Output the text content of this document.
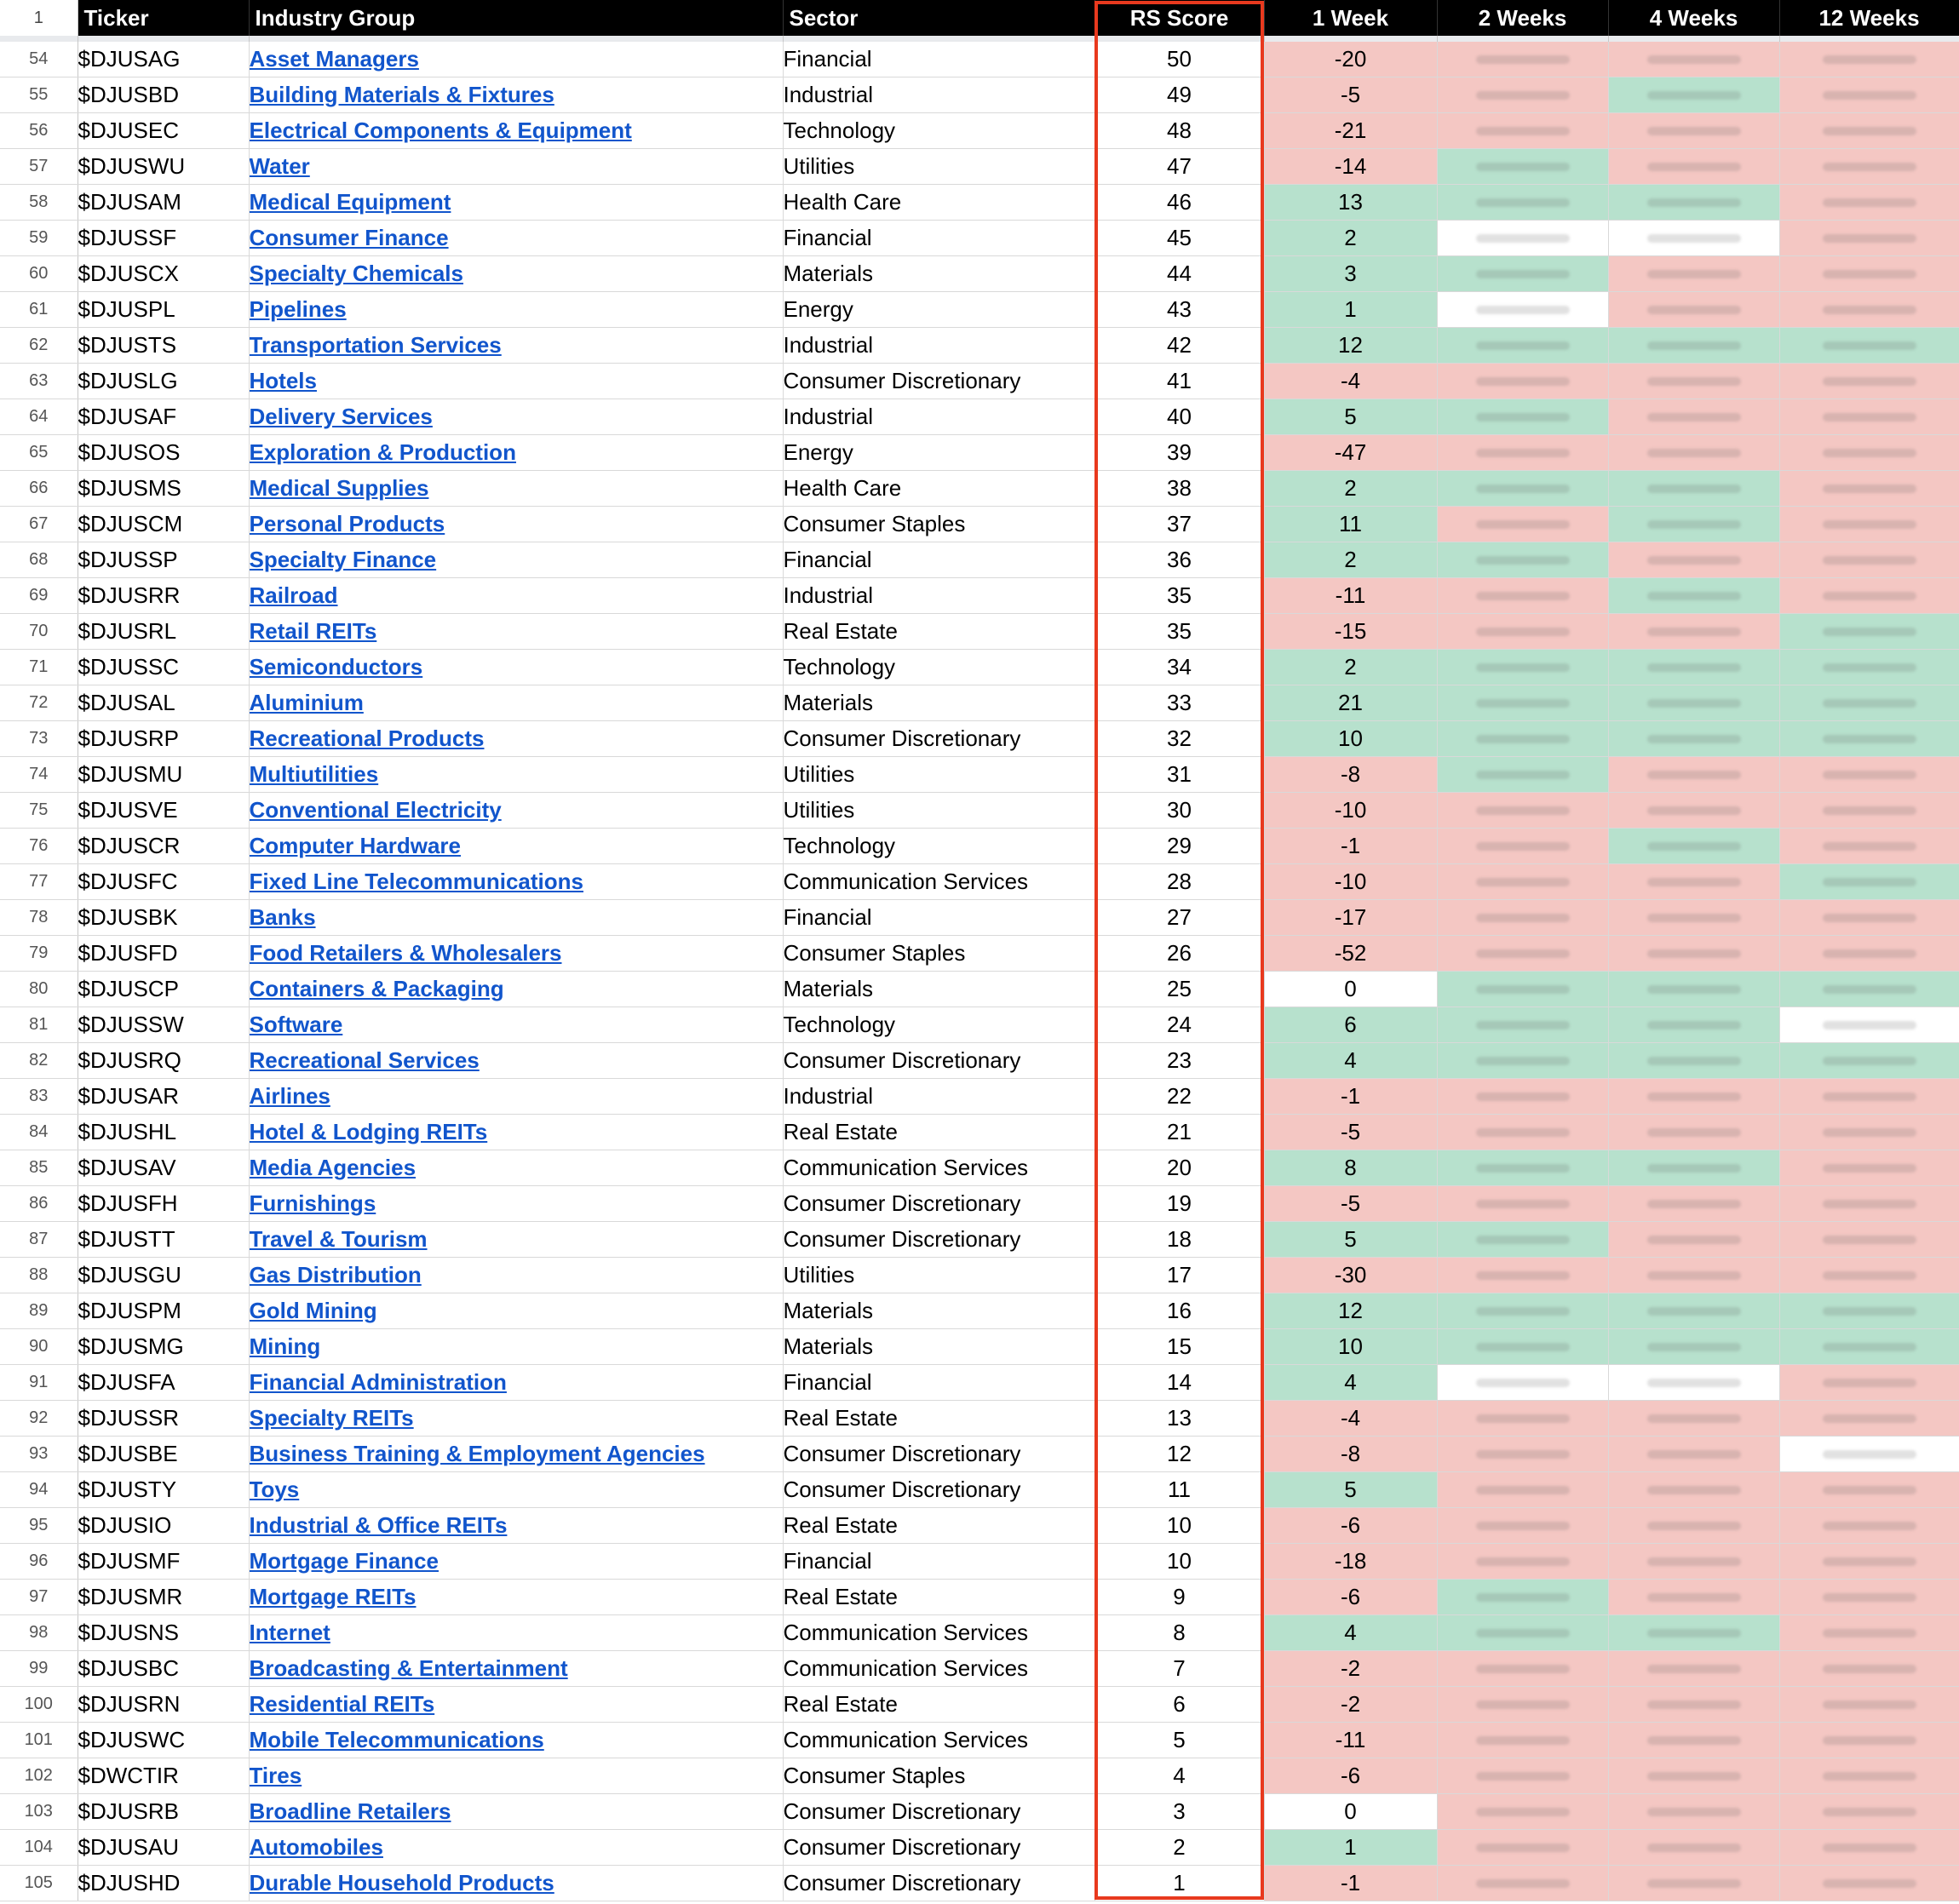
1	Ticker	Industry Group	Sector	RS Score	1 Week	2 Weeks	4 Weeks	12 Weeks

54	$DJUSAG	Asset Managers	Financial	50	-20	

55	$DJUSBD	Building Materials & Fixtures	Industrial	49	-5	

56	$DJUSEC	Electrical Components & Equipment	Technology	48	-21	

57	$DJUSWU	Water	Utilities	47	-14	

58	$DJUSAM	Medical Equipment	Health Care	46	13	

59	$DJUSSF	Consumer Finance	Financial	45	2	

60	$DJUSCX	Specialty Chemicals	Materials	44	3	

61	$DJUSPL	Pipelines	Energy	43	1	

62	$DJUSTS	Transportation Services	Industrial	42	12	

63	$DJUSLG	Hotels	Consumer Discretionary	41	-4	

64	$DJUSAF	Delivery Services	Industrial	40	5	

65	$DJUSOS	Exploration & Production	Energy	39	-47	

66	$DJUSMS	Medical Supplies	Health Care	38	2	

67	$DJUSCM	Personal Products	Consumer Staples	37	11	

68	$DJUSSP	Specialty Finance	Financial	36	2	

69	$DJUSRR	Railroad	Industrial	35	-11	

70	$DJUSRL	Retail REITs	Real Estate	35	-15	

71	$DJUSSC	Semiconductors	Technology	34	2	

72	$DJUSAL	Aluminium	Materials	33	21	

73	$DJUSRP	Recreational Products	Consumer Discretionary	32	10	

74	$DJUSMU	Multiutilities	Utilities	31	-8	

75	$DJUSVE	Conventional Electricity	Utilities	30	-10	

76	$DJUSCR	Computer Hardware	Technology	29	-1	

77	$DJUSFC	Fixed Line Telecommunications	Communication Services	28	-10	

78	$DJUSBK	Banks	Financial	27	-17	

79	$DJUSFD	Food Retailers & Wholesalers	Consumer Staples	26	-52	

80	$DJUSCP	Containers & Packaging	Materials	25	0	

81	$DJUSSW	Software	Technology	24	6	

82	$DJUSRQ	Recreational Services	Consumer Discretionary	23	4	

83	$DJUSAR	Airlines	Industrial	22	-1	

84	$DJUSHL	Hotel & Lodging REITs	Real Estate	21	-5	

85	$DJUSAV	Media Agencies	Communication Services	20	8	

86	$DJUSFH	Furnishings	Consumer Discretionary	19	-5	

87	$DJUSTT	Travel & Tourism	Consumer Discretionary	18	5	

88	$DJUSGU	Gas Distribution	Utilities	17	-30	

89	$DJUSPM	Gold Mining	Materials	16	12	

90	$DJUSMG	Mining	Materials	15	10	

91	$DJUSFA	Financial Administration	Financial	14	4	

92	$DJUSSR	Specialty REITs	Real Estate	13	-4	

93	$DJUSBE	Business Training & Employment Agencies	Consumer Discretionary	12	-8	

94	$DJUSTY	Toys	Consumer Discretionary	11	5	

95	$DJUSIO	Industrial & Office REITs	Real Estate	10	-6	

96	$DJUSMF	Mortgage Finance	Financial	10	-18	

97	$DJUSMR	Mortgage REITs	Real Estate	9	-6	

98	$DJUSNS	Internet	Communication Services	8	4	

99	$DJUSBC	Broadcasting & Entertainment	Communication Services	7	-2	

100	$DJUSRN	Residential REITs	Real Estate	6	-2	

101	$DJUSWC	Mobile Telecommunications	Communication Services	5	-11	

102	$DWCTIR	Tires	Consumer Staples	4	-6	

103	$DJUSRB	Broadline Retailers	Consumer Discretionary	3	0	

104	$DJUSAU	Automobiles	Consumer Discretionary	2	1	

105	$DJUSHD	Durable Household Products	Consumer Discretionary	1	-1	
